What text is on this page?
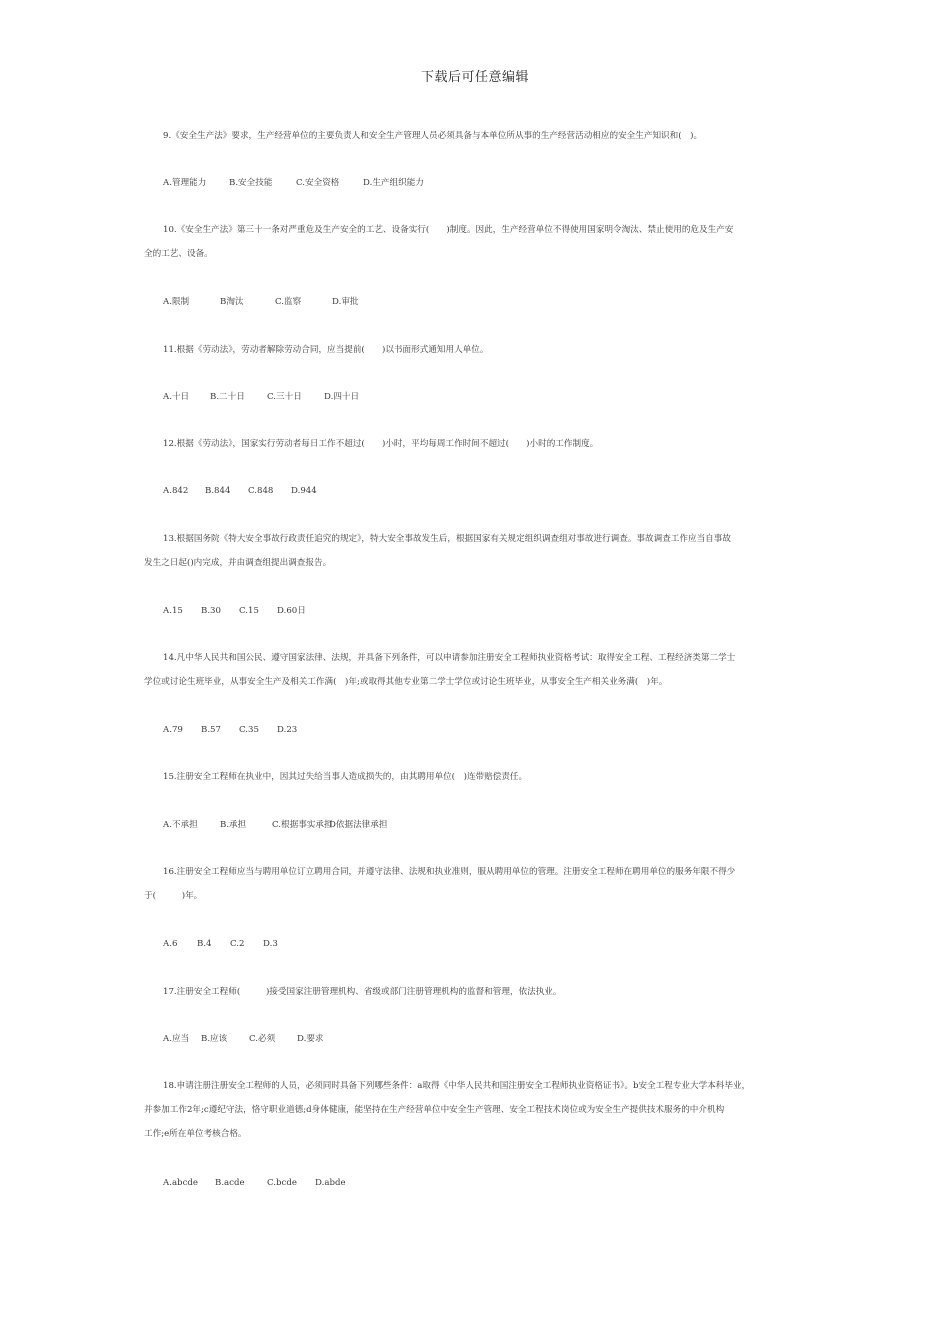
下载后可任意编辑
9.《安全生产法》要求，生产经营单位的主要负责人和安全生产管理人员必须具备与本单位所从事的生产经营活动相应的安全生产知识和(　)。
A.管理能力	B.安全技能	C.安全资格	D.生产组织能力
10.《安全生产法》第三十一条对严重危及生产安全的工艺、设备实行(　　)制度。因此，生产经营单位不得使用国家明令淘汰、禁止使用的危及生产安
全的工艺、设备。
A.限制	B淘汰	C.监察	D.审批
11.根据《劳动法》，劳动者解除劳动合同，应当提前(　　)以书面形式通知用人单位。
A.十日	B.二十日	C.三十日	D.四十日
12.根据《劳动法》，国家实行劳动者每日工作不超过(　　)小时，平均每周工作时间不超过(　　)小时的工作制度。
A.842	B.844	C.848	D.944
13.根据国务院《特大安全事故行政责任追究的规定》，特大安全事故发生后，根据国家有关规定组织调查组对事故进行调查。事故调查工作应当自事故
发生之日起()内完成，并由调查组提出调查报告。
A.15	B.30	C.15	D.60日
14.凡中华人民共和国公民、遵守国家法律、法规，并具备下列条件，可以申请参加注册安全工程师执业资格考试：取得安全工程、工程经济类第二学士
学位或讨论生班毕业，从事安全生产及相关工作满(　)年;或取得其他专业第二学士学位或讨论生班毕业，从事安全生产相关业务满(　)年。
A.79	B.57	C.35	D.23
15.注册安全工程师在执业中，因其过失给当事人造成损失的，由其聘用单位(　)连带赔偿责任。
A.不承担	B.承担	C.根据事实承担
D依据法律承担
16.注册安全工程师应当与聘用单位订立聘用合同，并遵守法律、法规和执业准则，服从聘用单位的管理。注册安全工程师在聘用单位的服务年限不得少
于(　　　)年。
A.6	B.4	C.2	D.3
17.注册安全工程师(　　　)接受国家注册管理机构、省级或部门注册管理机构的监督和管理，依法执业。
A.应当	B.应该	C.必须	D.要求
18.申请注册注册安全工程师的人员，必须同时具备下列哪些条件：a取得《中华人民共和国注册安全工程师执业资格证书》。b安全工程专业大学本科毕业，
并参加工作2年;c遵纪守法，恪守职业道德;d身体健康，能坚持在生产经营单位中安全生产管理、安全工程技术岗位或为安全生产提供技术服务的中介机构
工作;e所在单位考核合格。
A.abcde	B.acde	C.bcde	D.abde
